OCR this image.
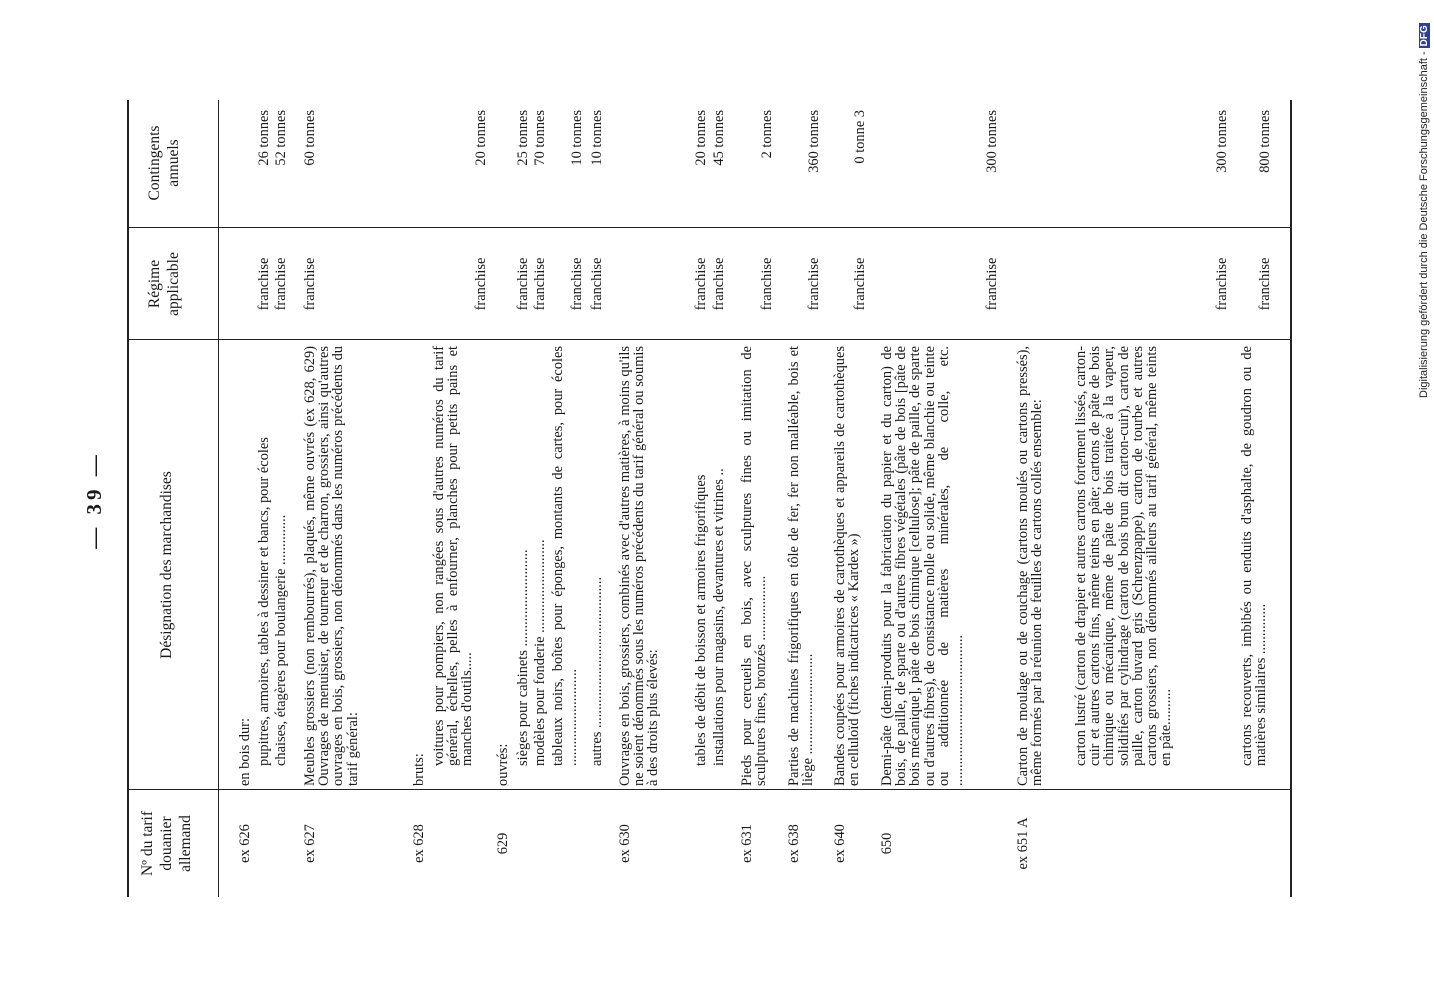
— 39 —
Nº du tarif douanier allemand
Désignation des marchandises
Régime applicable
Contingents annuels
ex 626
en bois dur: pupitres, armoires, tables à dessiner et bancs, pour écoles
franchise
26 tonnes
chaises, étagères pour boulangerie ..............
franchise
52 tonnes
ex 627
Meubles grossiers (non rembourrés), plaqués, même ouvrés (ex 628, 629) Ouvrages de menuisier, de tourneur et de charron, grossiers, ainsi qu'autres ouvrages en bois, grossiers, non dénommés dans les numéros précédents du tarif général:
franchise
60 tonnes
ex 628
bruts:
voitures pour pompiers, non rangées sous d'autres numéros du tarif général, échelles, pelles à enfourner, planches pour petits pains et manches d'outils.....
franchise
20 tonnes
629
ouvrés: sièges pour cabinets ...........................
franchise
25 tonnes
modèles pour fonderie ..........................
franchise
70 tonnes
tableaux noirs, boîtes pour éponges, montants de cartes, pour écoles ...........................
franchise
10 tonnes
autres ..........................................
franchise
10 tonnes
ex 630
Ouvrages en bois, grossiers, combinés avec d'autres matières, à moins qu'ils ne soient dénommés sous les numéros précédents du tarif général ou soumis à des droits plus élevés: tables de débit de boisson et armoires frigorifiques
franchise
20 tonnes
installations pour magasins, devantures et vitrines ..
franchise
45 tonnes
ex 631
Pieds pour cercueils en bois, avec sculptures fines ou imitation de sculptures fines, bronzés ..................
franchise
2 tonnes
ex 638
Parties de machines frigorifiques en tôle de fer, fer non malléable, bois et liège ............................
franchise
360 tonnes
ex 640
Bandes coupées pour armoires de cartothèques et appareils de cartothèques en celluloïd (fiches indicatrices « Kardex »)
franchise
0 tonne 3
650
Demi-pâte (demi-produits pour la fabrication du papier et du carton) de bois, de paille, de sparte ou d'autres fibres végétales (pâte de bois [pâte de bois mécanique], pâte de bois chimique [cellulose]; pâte de paille, de sparte ou d'autres fibres), de consistance molle ou solide, même blanchie ou teinte ou additionnée de matières minérales, de colle, etc. ..........................................
franchise
300 tonnes
ex 651 A
Carton de moulage ou de couchage (cartons moulés ou cartons pressés), même formés par la réunion de feuilles de cartons collés ensemble: carton lustré (carton de drapier et autres cartons fortement lissés, carton-cuir et autres cartons fins, même teints en pâte; cartons de pâte de bois chimique ou mécanique, même de pâte de bois traitée à la vapeur, solidifiés par cylindrage (carton de bois brun dit carton-cuir), carton de paille, carton buvard gris (Schrenzpappe), carton de tourbe et autres cartons grossiers, non dénommés ailleurs au tarif général, même teints en pâte..........
franchise
300 tonnes
cartons recouverts, imbibés ou enduits d'asphalte, de goudron ou de matières similaires ..............
franchise
800 tonnes	Digitalisierung gefördert durch die Deutsche Forschungsgemeinschaft -DFG
